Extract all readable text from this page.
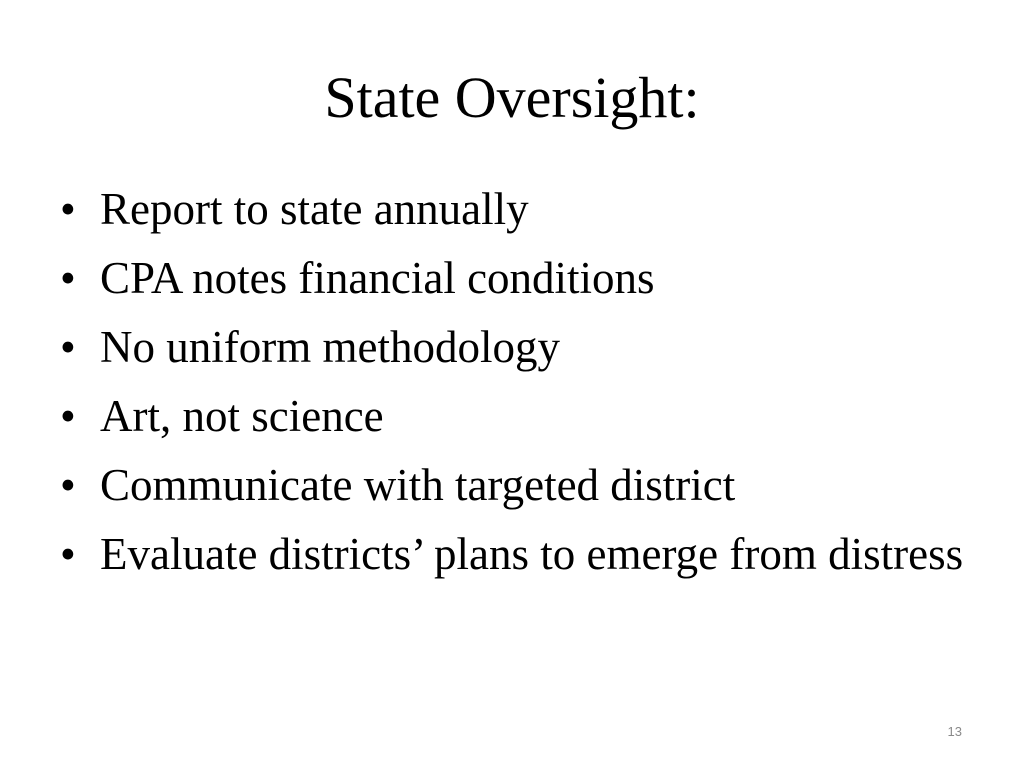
State Oversight:
• Report to state annually
• CPA notes financial conditions
• No uniform methodology
• Art, not science
• Communicate with targeted district
• Evaluate districts’ plans to emerge from distress
13
